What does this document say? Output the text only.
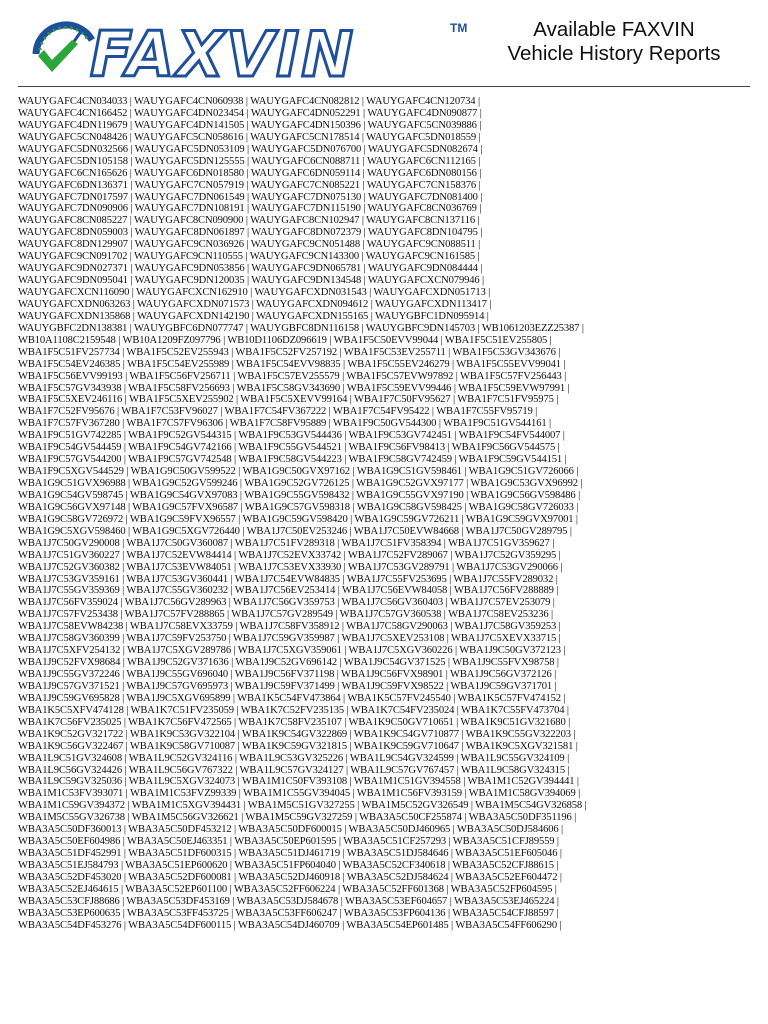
FAXVIN	TM	Available FAXVIN
Vehicle History Reports
WAUYGAFC4CN034033 | WAUYGAFC4CN060938 | WAUYGAFC4CN082812 | WAUYGAFC4CN120734 |
WAUYGAFC4CN166452 | WAUYGAFC4DN023454 | WAUYGAFC4DN052291 | WAUYGAFC4DN090877 |
WAUYGAFC4DN119679 | WAUYGAFC4DN141505 | WAUYGAFC4DN150396 | WAUYGAFC5CN039886 |
WAUYGAFC5CN048426 | WAUYGAFC5CN058616 | WAUYGAFC5CN178514 | WAUYGAFC5DN018559 |
WAUYGAFC5DN032566 | WAUYGAFC5DN053109 | WAUYGAFC5DN076700 | WAUYGAFC5DN082674 |
WAUYGAFC5DN105158 | WAUYGAFC5DN125555 | WAUYGAFC6CN088711 | WAUYGAFC6CN112165 |
WAUYGAFC6CN165626 | WAUYGAFC6DN018580 | WAUYGAFC6DN059114 | WAUYGAFC6DN080156 |
WAUYGAFC6DN136371 | WAUYGAFC7CN057919 | WAUYGAFC7CN085221 | WAUYGAFC7CN158376 |
WAUYGAFC7DN017597 | WAUYGAFC7DN061549 | WAUYGAFC7DN075130 | WAUYGAFC7DN081400 |
WAUYGAFC7DN090906 | WAUYGAFC7DN108191 | WAUYGAFC7DN115190 | WAUYGAFC8CN036769 |
WAUYGAFC8CN085227 | WAUYGAFC8CN090900 | WAUYGAFC8CN102947 | WAUYGAFC8CN137116 |
WAUYGAFC8DN059003 | WAUYGAFC8DN061897 | WAUYGAFC8DN072379 | WAUYGAFC8DN104795 |
WAUYGAFC8DN129907 | WAUYGAFC9CN036926 | WAUYGAFC9CN051488 | WAUYGAFC9CN088511 |
WAUYGAFC9CN091702 | WAUYGAFC9CN110555 | WAUYGAFC9CN143300 | WAUYGAFC9CN161585 |
WAUYGAFC9DN027371 | WAUYGAFC9DN053856 | WAUYGAFC9DN065781 | WAUYGAFC9DN084444 |
WAUYGAFC9DN095041 | WAUYGAFC9DN120035 | WAUYGAFC9DN134548 | WAUYGAFCXCN079946 |
WAUYGAFCXCN116090 | WAUYGAFCXCN162910 | WAUYGAFCXDN031543 | WAUYGAFCXDN051713 |
WAUYGAFCXDN063263 | WAUYGAFCXDN071573 | WAUYGAFCXDN094612 | WAUYGAFCXDN113417 |
WAUYGAFCXDN135868 | WAUYGAFCXDN142190 | WAUYGAFCXDN155165 | WAUYGBFC1DN095914 |
WAUYGBFC2DN138381 | WAUYGBFC6DN077747 | WAUYGBFC8DN116158 | WAUYGBFC9DN145703 | WB1061203EZZ25387 |
WB10A1108C2159548 | WB10A1209FZ097796 | WB10D1106DZ096619 | WBA1F5C50EVV99044 | WBA1F5C51EV255805 |
WBA1F5C51FV257734 | WBA1F5C52EV255943 | WBA1F5C52FV257192 | WBA1F5C53EV255711 | WBA1F5C53GV343676 |
WBA1F5C54EV246385 | WBA1F5C54EV255989 | WBA1F5C54EVV98835 | WBA1F5C55EV246279 | WBA1F5C55EVV99041 |
WBA1F5C56EVV99193 | WBA1F5C56FV256711 | WBA1F5C57EV255579 | WBA1F5C57EVW97892 | WBA1F5C57FV256443 |
WBA1F5C57GV343938 | WBA1F5C58FV256693 | WBA1F5C58GV343690 | WBA1F5C59EVV99446 | WBA1F5C59EVW97991 |
WBA1F5C5XEV246116 | WBA1F5C5XEV255902 | WBA1F5C5XEVV99164 | WBA1F7C50FV95627 | WBA1F7C51FV95975 |
WBA1F7C52FV95676 | WBA1F7C53FV96027 | WBA1F7C54FV367222 | WBA1F7C54FV95422 | WBA1F7C55FV95719 |
WBA1F7C57FV367280 | WBA1F7C57FV96306 | WBA1F7C58FV95889 | WBA1F9C50GV544300 | WBA1F9C51GV544161 |
WBA1F9C51GV742285 | WBA1F9C52GV544315 | WBA1F9C53GV544436 | WBA1F9C53GV742451 | WBA1F9C54FV544007 |
WBA1F9C54GV544459 | WBA1F9C54GV742166 | WBA1F9C55GV544521 | WBA1F9C56FV98413 | WBA1F9C56GV544575 |
WBA1F9C57GV544200 | WBA1F9C57GV742548 | WBA1F9C58GV544223 | WBA1F9C58GV742459 | WBA1F9C59GV544151 |
WBA1F9C5XGV544529 | WBA1G9C50GV599522 | WBA1G9C50GVX97162 | WBA1G9C51GV598461 | WBA1G9C51GV726066 |
WBA1G9C51GVX96988 | WBA1G9C52GV599246 | WBA1G9C52GV726125 | WBA1G9C52GVX97177 | WBA1G9C53GVX96992 |
WBA1G9C54GV598745 | WBA1G9C54GVX97083 | WBA1G9C55GV598432 | WBA1G9C55GVX97190 | WBA1G9C56GV598486 |
WBA1G9C56GVX97148 | WBA1G9C57FVX96587 | WBA1G9C57GV598318 | WBA1G9C58GV598425 | WBA1G9C58GV726033 |
WBA1G9C58GV726972 | WBA1G9C59FVX96557 | WBA1G9C59GV598420 | WBA1G9C59GV726211 | WBA1G9C59GVX97001 |
WBA1G9C5XGV598460 | WBA1G9C5XGV726440 | WBA1J7C50EV253246 | WBA1J7C50EVW84668 | WBA1J7C50GV289795 |
WBA1J7C50GV290008 | WBA1J7C50GV360087 | WBA1J7C51FV289318 | WBA1J7C51FV358394 | WBA1J7C51GV359627 |
WBA1J7C51GV360227 | WBA1J7C52EVW84414 | WBA1J7C52EVX33742 | WBA1J7C52FV289067 | WBA1J7C52GV359295 |
WBA1J7C52GV360382 | WBA1J7C53EVW84051 | WBA1J7C53EVX33930 | WBA1J7C53GV289791 | WBA1J7C53GV290066 |
WBA1J7C53GV359161 | WBA1J7C53GV360441 | WBA1J7C54EVW84835 | WBA1J7C55FV253695 | WBA1J7C55FV289032 |
WBA1J7C55GV359369 | WBA1J7C55GV360232 | WBA1J7C56EV253414 | WBA1J7C56EVW84058 | WBA1J7C56FV288889 |
WBA1J7C56FV359024 | WBA1J7C56GV289963 | WBA1J7C56GV359753 | WBA1J7C56GV360403 | WBA1J7C57EV253079 |
WBA1J7C57FV253438 | WBA1J7C57FV288865 | WBA1J7C57GV289549 | WBA1J7C57GV360538 | WBA1J7C58EV253236 |
WBA1J7C58EVW84238 | WBA1J7C58EVX33759 | WBA1J7C58FV358912 | WBA1J7C58GV290063 | WBA1J7C58GV359253 |
WBA1J7C58GV360399 | WBA1J7C59FV253750 | WBA1J7C59GV359987 | WBA1J7C5XEV253108 | WBA1J7C5XEVX33715 |
WBA1J7C5XFV254132 | WBA1J7C5XGV289786 | WBA1J7C5XGV359061 | WBA1J7C5XGV360226 | WBA1J9C50GV372123 |
WBA1J9C52FVX98684 | WBA1J9C52GV371636 | WBA1J9C52GV696142 | WBA1J9C54GV371525 | WBA1J9C55FVX98758 |
WBA1J9C55GV372246 | WBA1J9C55GV696040 | WBA1J9C56FV371198 | WBA1J9C56FVX98901 | WBA1J9C56GV372126 |
WBA1J9C57GV371521 | WBA1J9C57GV695973 | WBA1J9C59FV371499 | WBA1J9C59FVX98522 | WBA1J9C59GV371701 |
WBA1J9C59GV695828 | WBA1J9C5XGV695899 | WBA1K5C54FV473864 | WBA1K5C57FV245540 | WBA1K5C57FV474152 |
WBA1K5C5XFV474128 | WBA1K7C51FV235059 | WBA1K7C52FV235135 | WBA1K7C54FV235024 | WBA1K7C55FV473704 |
WBA1K7C56FV235025 | WBA1K7C56FV472565 | WBA1K7C58FV235107 | WBA1K9C50GV710651 | WBA1K9C51GV321680 |
WBA1K9C52GV321722 | WBA1K9C53GV322104 | WBA1K9C54GV322869 | WBA1K9C54GV710877 | WBA1K9C55GV322203 |
WBA1K9C56GV322467 | WBA1K9C58GV710087 | WBA1K9C59GV321815 | WBA1K9C59GV710647 | WBA1K9C5XGV321581 |
WBA1L9C51GV324608 | WBA1L9C52GV324116 | WBA1L9C53GV325226 | WBA1L9C54GV324599 | WBA1L9C55GV324109 |
WBA1L9C56GV324426 | WBA1L9C56GV767322 | WBA1L9C57GV324127 | WBA1L9C57GV767457 | WBA1L9C58GV324315 |
WBA1L9C59GV325036 | WBA1L9C5XGV324073 | WBA1M1C50FV393108 | WBA1M1C51GV394558 | WBA1M1C52GV394441 |
WBA1M1C53FV393071 | WBA1M1C53FVZ99339 | WBA1M1C55GV394045 | WBA1M1C56FV393159 | WBA1M1C58GV394069 |
WBA1M1C59GV394372 | WBA1M1C5XGV394431 | WBA1M5C51GV327255 | WBA1M5C52GV326549 | WBA1M5C54GV326858 |
WBA1M5C55GV326738 | WBA1M5C56GV326621 | WBA1M5C59GV327259 | WBA3A5C50CF255874 | WBA3A5C50DF351196 |
WBA3A5C50DF360013 | WBA3A5C50DF453212 | WBA3A5C50DF600015 | WBA3A5C50DJ460965 | WBA3A5C50DJ584606 |
WBA3A5C50EF604986 | WBA3A5C50EJ463351 | WBA3A5C50EP601595 | WBA3A5C51CF257293 | WBA3A5C51CFJ89559 |
WBA3A5C51DF452991 | WBA3A5C51DF600315 | WBA3A5C51DJ461719 | WBA3A5C51DJ584646 | WBA3A5C51EF605046 |
WBA3A5C51EJ584793 | WBA3A5C51EP600620 | WBA3A5C51FP604040 | WBA3A5C52CF340618 | WBA3A5C52CFJ88615 |
WBA3A5C52DF453020 | WBA3A5C52DF600081 | WBA3A5C52DJ460918 | WBA3A5C52DJ584624 | WBA3A5C52EF604472 |
WBA3A5C52EJ464615 | WBA3A5C52EP601100 | WBA3A5C52FF606224 | WBA3A5C52FF601368 | WBA3A5C52FP604595 |
WBA3A5C53CFJ88686 | WBA3A5C53DF453169 | WBA3A5C53DJ584678 | WBA3A5C53EF604657 | WBA3A5C53EJ465224 |
WBA3A5C53EP600635 | WBA3A5C53FF453725 | WBA3A5C53FF606247 | WBA3A5C53FP604136 | WBA3A5C54CFJ88597 |
WBA3A5C54DF453276 | WBA3A5C54DF600115 | WBA3A5C54DJ460709 | WBA3A5C54EP601485 | WBA3A5C54FF606290 |
